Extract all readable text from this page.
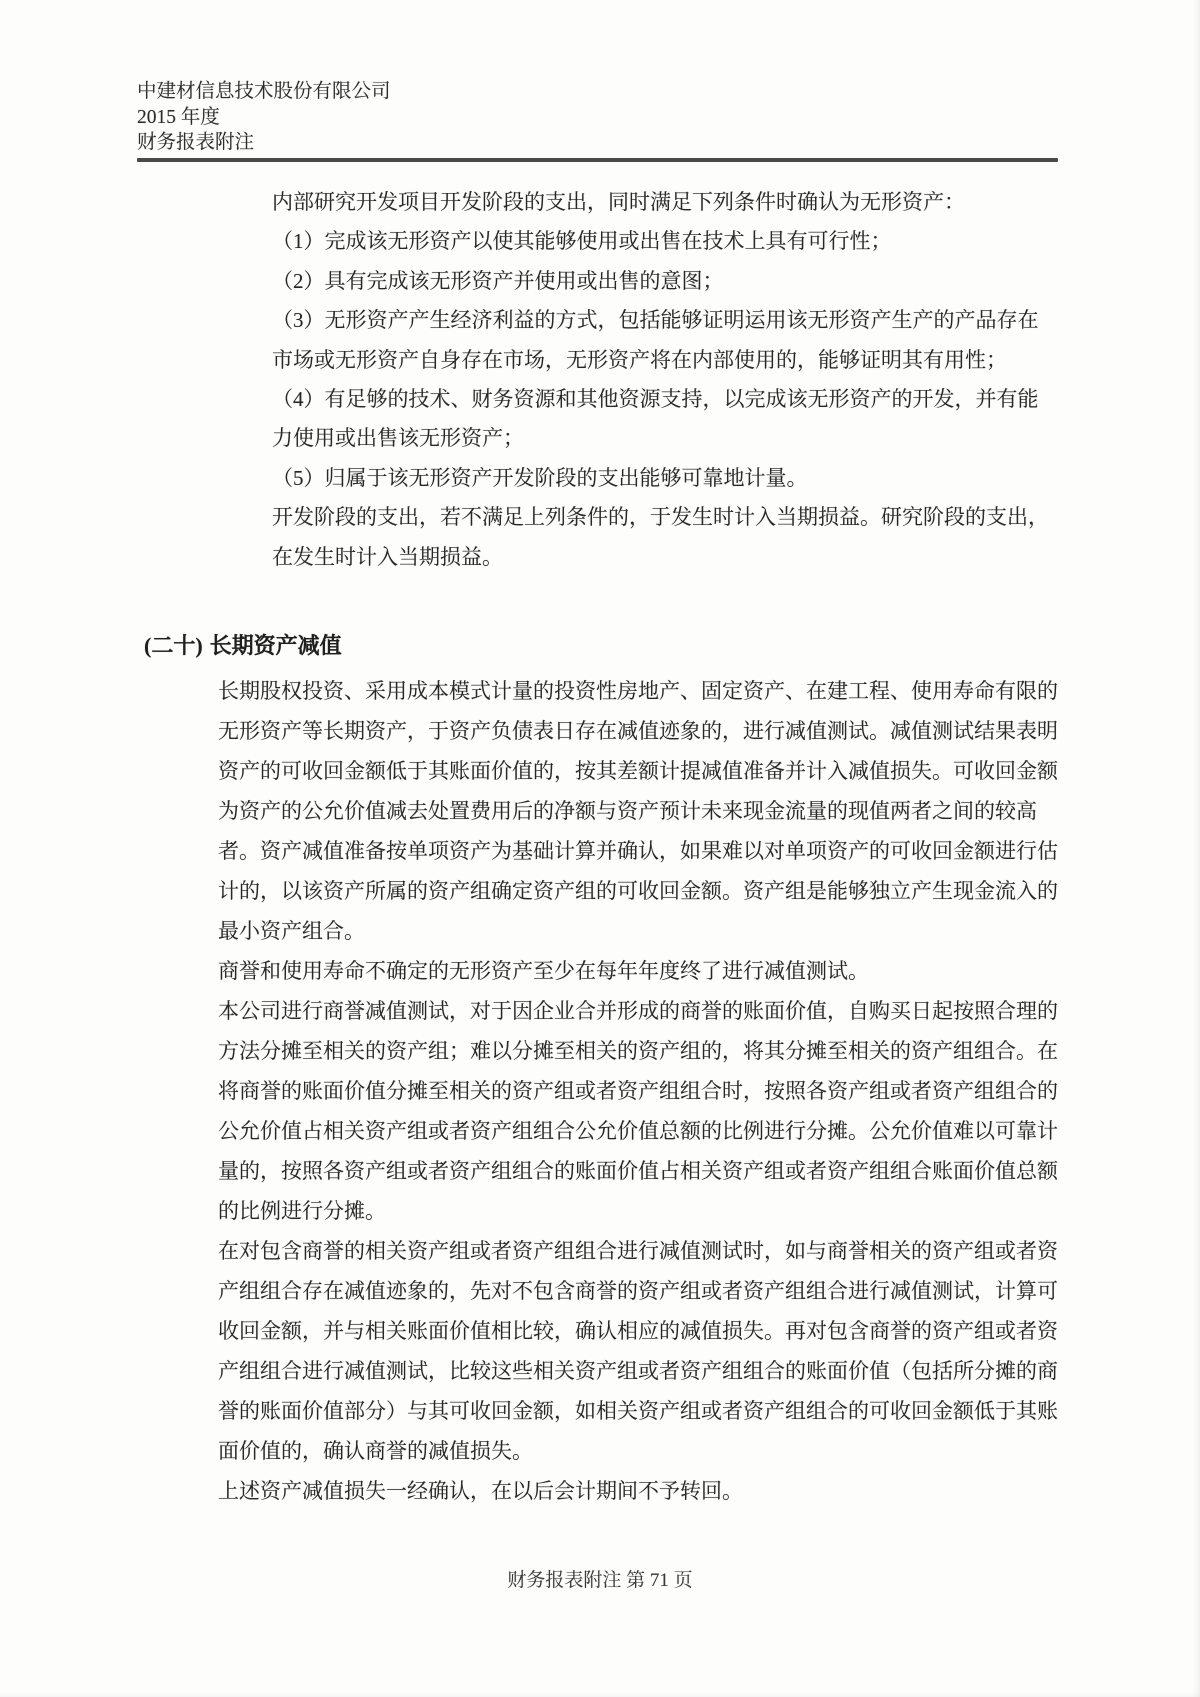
中建材信息技术股份有限公司
2015 年度
财务报表附注
内部研究开发项目开发阶段的支出，同时满足下列条件时确认为无形资产：
（1）完成该无形资产以使其能够使用或出售在技术上具有可行性；
（2）具有完成该无形资产并使用或出售的意图；
（3）无形资产产生经济利益的方式，包括能够证明运用该无形资产生产的产品存在
市场或无形资产自身存在市场，无形资产将在内部使用的，能够证明其有用性；
（4）有足够的技术、财务资源和其他资源支持，以完成该无形资产的开发，并有能
力使用或出售该无形资产；
（5）归属于该无形资产开发阶段的支出能够可靠地计量。
开发阶段的支出，若不满足上列条件的，于发生时计入当期损益。研究阶段的支出，
在发生时计入当期损益。
(二十) 长期资产减值
长期股权投资、采用成本模式计量的投资性房地产、固定资产、在建工程、使用寿命有限的
无形资产等长期资产，于资产负债表日存在减值迹象的，进行减值测试。减值测试结果表明
资产的可收回金额低于其账面价值的，按其差额计提减值准备并计入减值损失。可收回金额
为资产的公允价值减去处置费用后的净额与资产预计未来现金流量的现值两者之间的较高
者。资产减值准备按单项资产为基础计算并确认，如果难以对单项资产的可收回金额进行估
计的，以该资产所属的资产组确定资产组的可收回金额。资产组是能够独立产生现金流入的
最小资产组合。
商誉和使用寿命不确定的无形资产至少在每年年度终了进行减值测试。
本公司进行商誉减值测试，对于因企业合并形成的商誉的账面价值，自购买日起按照合理的
方法分摊至相关的资产组；难以分摊至相关的资产组的，将其分摊至相关的资产组组合。在
将商誉的账面价值分摊至相关的资产组或者资产组组合时，按照各资产组或者资产组组合的
公允价值占相关资产组或者资产组组合公允价值总额的比例进行分摊。公允价值难以可靠计
量的，按照各资产组或者资产组组合的账面价值占相关资产组或者资产组组合账面价值总额
的比例进行分摊。
在对包含商誉的相关资产组或者资产组组合进行减值测试时，如与商誉相关的资产组或者资
产组组合存在减值迹象的，先对不包含商誉的资产组或者资产组组合进行减值测试，计算可
收回金额，并与相关账面价值相比较，确认相应的减值损失。再对包含商誉的资产组或者资
产组组合进行减值测试，比较这些相关资产组或者资产组组合的账面价值（包括所分摊的商
誉的账面价值部分）与其可收回金额，如相关资产组或者资产组组合的可收回金额低于其账
面价值的，确认商誉的减值损失。
上述资产减值损失一经确认，在以后会计期间不予转回。
财务报表附注 第 71 页
